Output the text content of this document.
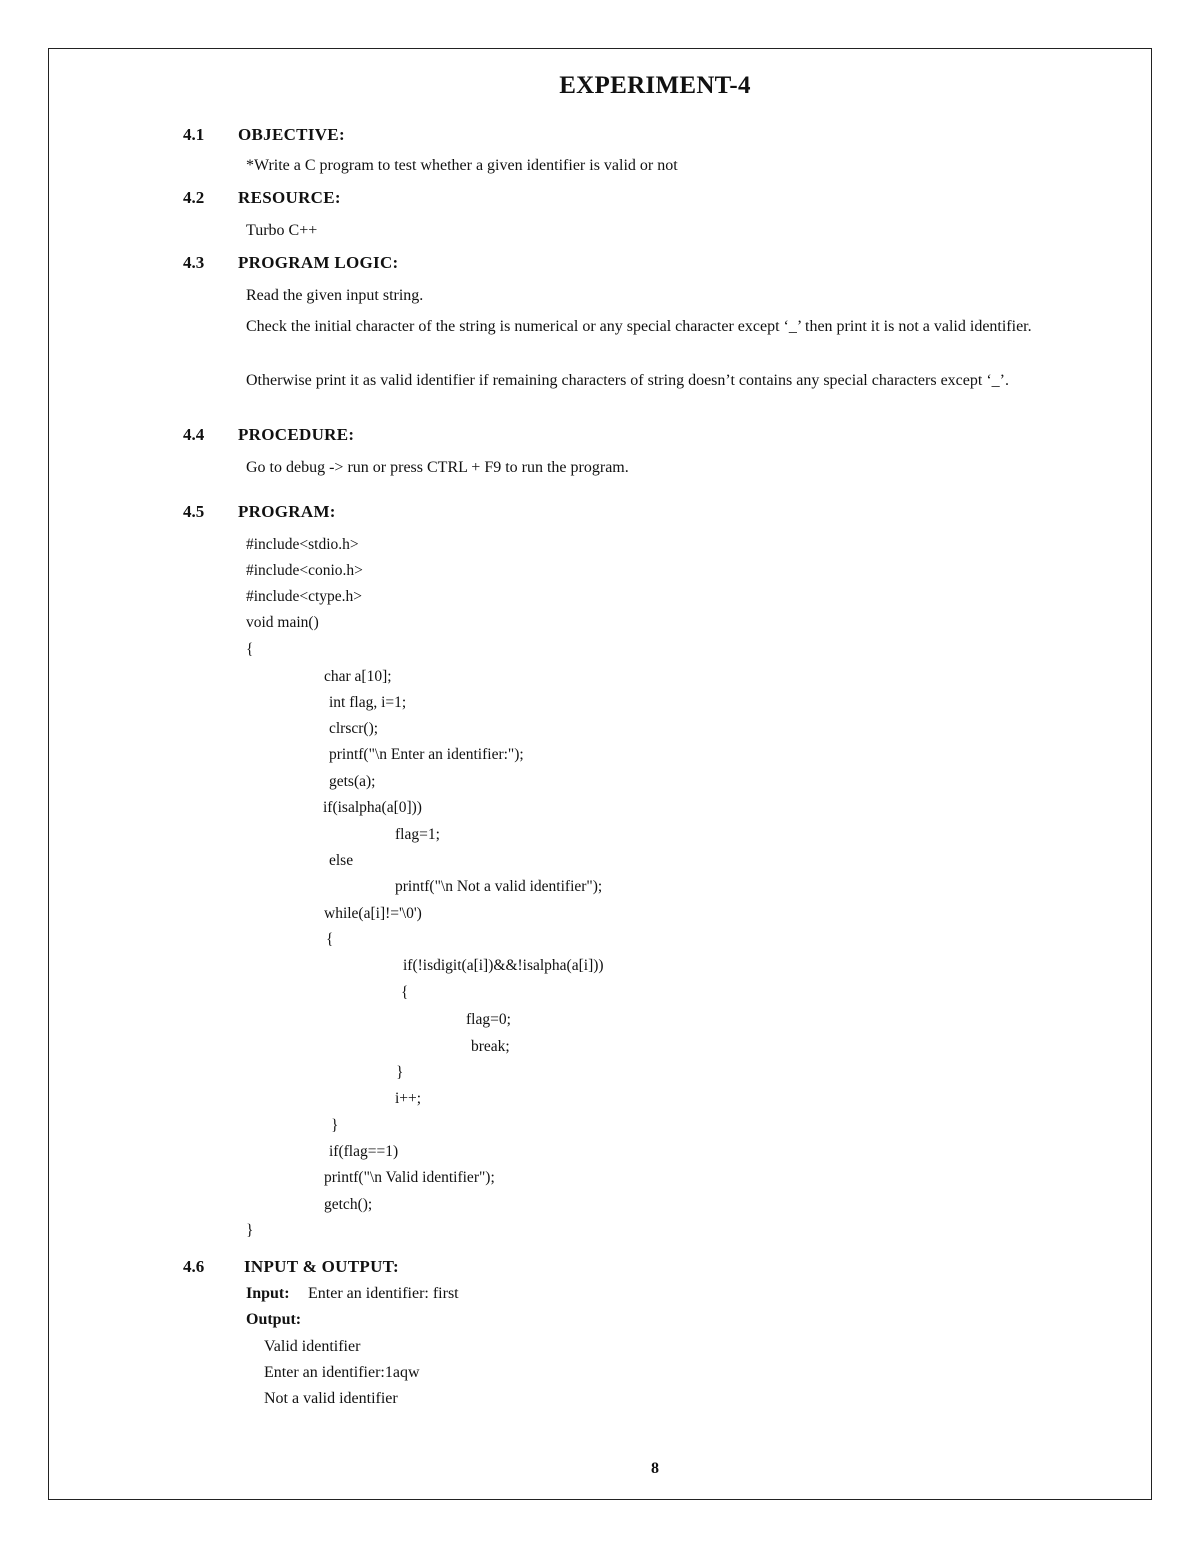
EXPERIMENT-4
4.1 OBJECTIVE:
*Write a C program to test whether a given identifier is valid or not
4.2 RESOURCE:
Turbo C++
4.3 PROGRAM LOGIC:
Read the given input string.
Check the initial character of the string is numerical or any special character except ‘_’ then print it is not a valid identifier.
Otherwise print it as valid identifier if remaining characters of string doesn’t contains any special characters except ‘_’.
4.4 PROCEDURE:
Go to debug -> run or press CTRL + F9 to run the program.
4.5 PROGRAM:
#include<stdio.h>
#include<conio.h>
#include<ctype.h>
void main()
{
char a[10];
int flag, i=1;
clrscr();
printf("\n Enter an identifier:");
gets(a);
if(isalpha(a[0]))
flag=1;
else
printf("\n Not a valid identifier");
while(a[i]!='\0')
{
if(!isdigit(a[i])&&!isalpha(a[i]))
{
flag=0;
break;
}
i++;
}
if(flag==1)
printf("\n Valid identifier");
getch();
}
4.6 INPUT & OUTPUT:
Input: Enter an identifier: first
Output:
Valid identifier
Enter an identifier:1aqw
Not a valid identifier
8
